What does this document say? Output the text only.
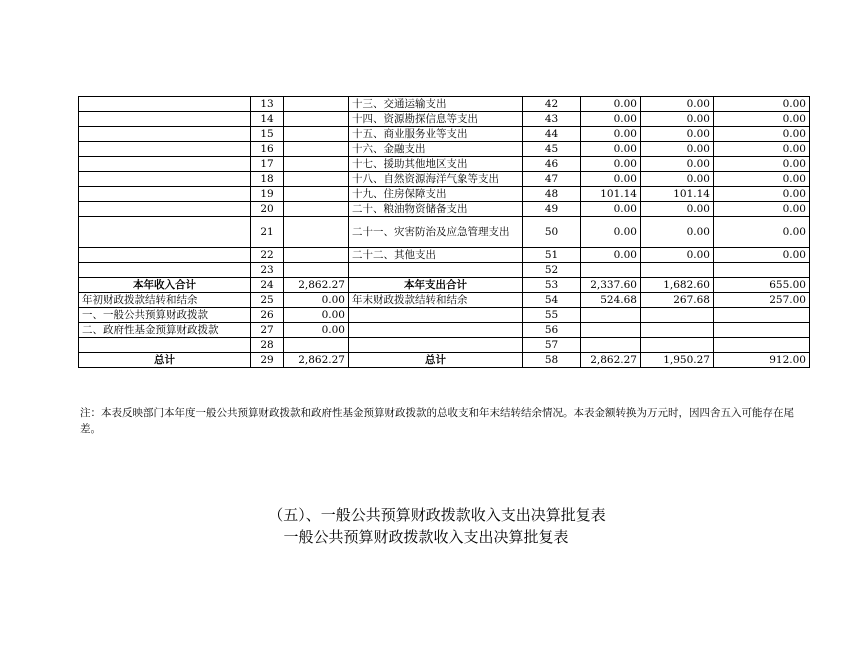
	13		十三、交通运输支出	42	0.00	0.00	0.00
	14		十四、资源勘探信息等支出	43	0.00	0.00	0.00
	15		十五、商业服务业等支出	44	0.00	0.00	0.00
	16		十六、金融支出	45	0.00	0.00	0.00
	17		十七、援助其他地区支出	46	0.00	0.00	0.00
	18		十八、自然资源海洋气象等支出	47	0.00	0.00	0.00
	19		十九、住房保障支出	48	101.14	101.14	0.00
	20		二十、粮油物资储备支出	49	0.00	0.00	0.00
	21		二十一、灾害防治及应急管理支出	50	0.00	0.00	0.00
	22		二十二、其他支出	51	0.00	0.00	0.00
	23			52			
本年收入合计	24	2,862.27	本年支出合计	53	2,337.60	1,682.60	655.00
年初财政拨款结转和结余	25	0.00	年末财政拨款结转和结余	54	524.68	267.68	257.00
一、一般公共预算财政拨款	26	0.00		55			
二、政府性基金预算财政拨款	27	0.00		56			
	28			57			
总计	29	2,862.27	总计	58	2,862.27	1,950.27	912.00
注：本表反映部门本年度一般公共预算财政拨款和政府性基金预算财政拨款的总收支和年末结转结余情况。本表金额转换为万元时，因四舍五入可能存在尾差。
（五）、一般公共预算财政拨款收入支出决算批复表
一般公共预算财政拨款收入支出决算批复表
